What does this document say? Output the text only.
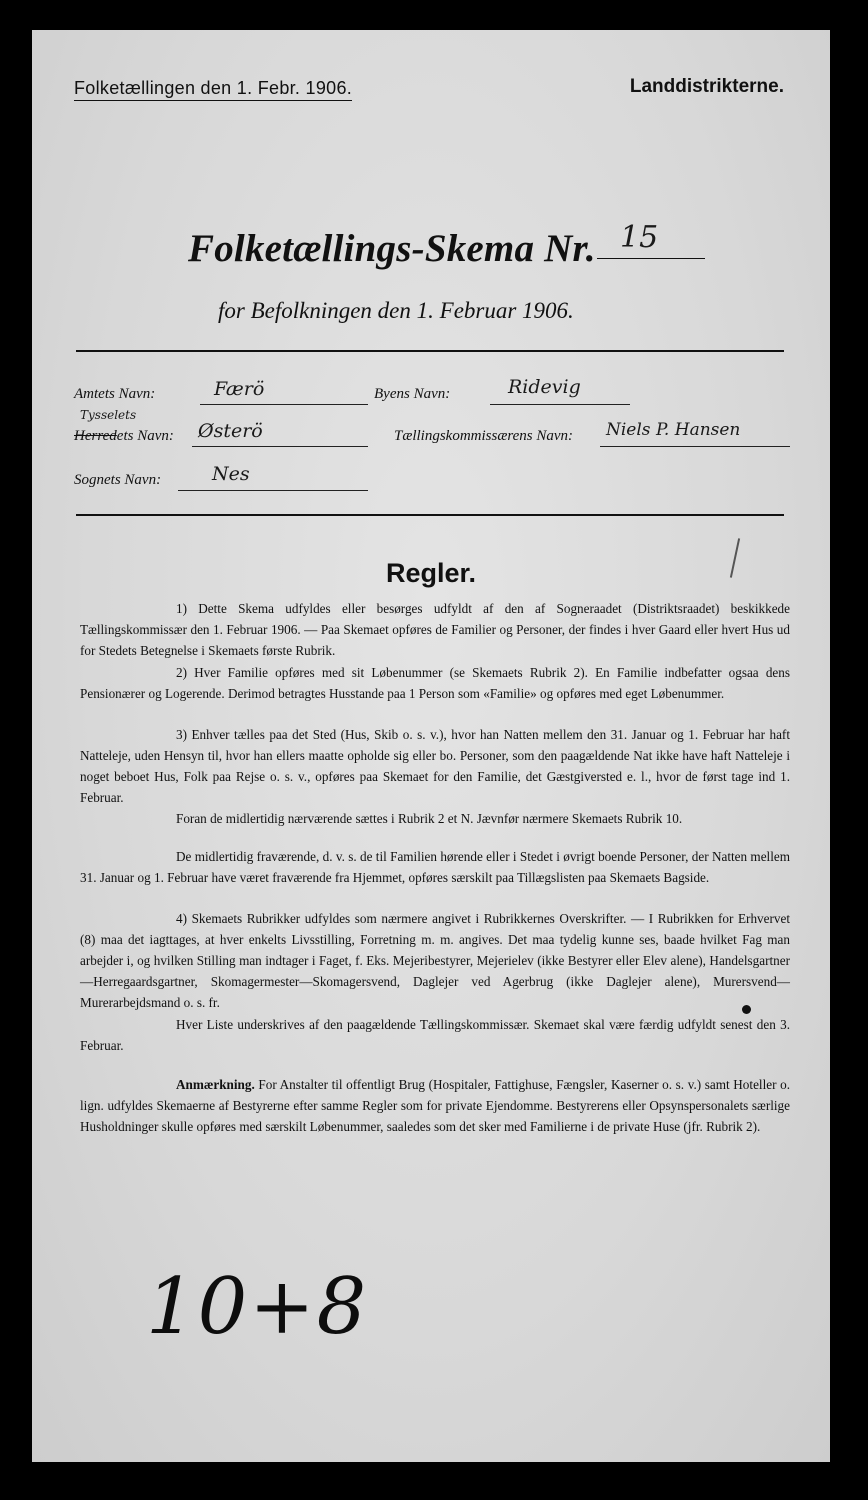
Folketællingen den 1. Febr. 1906.	Landdistrikterne.
Folketællings-Skema Nr. 15
for Befolkningen den 1. Februar 1906.
Amtets Navn:	Færö	Byens Navn:	Ridevig
Tysselets
Herredets Navn: Østerö	Tællingskommissærens Navn: Niels P. Hansen
Sognets Navn:	Nes
Regler.
1) Dette Skema udfyldes eller besørges udfyldt af den af Sogneraadet (Distriktsraadet) beskikkede Tællingskommissær den 1. Februar 1906. — Paa Skemaet opføres de Familier og Personer, der findes i hver Gaard eller hvert Hus ud for Stedets Betegnelse i Skemaets første Rubrik.
2) Hver Familie opføres med sit Løbenummer (se Skemaets Rubrik 2). En Familie indbefatter ogsaa dens Pensionærer og Logerende. Derimod betragtes Husstande paa 1 Person som «Familie» og opføres med eget Løbenummer.
3) Enhver tælles paa det Sted (Hus, Skib o. s. v.), hvor han Natten mellem den 31. Januar og 1. Februar har haft Natteleje, uden Hensyn til, hvor han ellers maatte opholde sig eller bo. Personer, som den paagældende Nat ikke have haft Natteleje i noget beboet Hus, Folk paa Rejse o. s. v., opføres paa Skemaet for den Familie, det Gæstgiversted e. l., hvor de først tage ind 1. Februar.
Foran de midlertidig nærværende sættes i Rubrik 2 et N. Jævnfør nærmere Skemaets Rubrik 10.
De midlertidig fraværende, d. v. s. de til Familien hørende eller i Stedet i øvrigt boende Personer, der Natten mellem 31. Januar og 1. Februar have været fraværende fra Hjemmet, opføres særskilt paa Tillægslisten paa Skemaets Bagside.
4) Skemaets Rubrikker udfyldes som nærmere angivet i Rubrikkernes Overskrifter. — I Rubrikken for Erhvervet (8) maa det iagttages, at hver enkelts Livsstilling, Forretning m. m. angives. Det maa tydelig kunne ses, baade hvilket Fag man arbejder i, og hvilken Stilling man indtager i Faget, f. Eks. Mejeribestyrer, Mejerielev (ikke Bestyrer eller Elev alene), Handelsgartner—Herregaardsgartner, Skomagermester—Skomagersvend, Daglejer ved Agerbrug (ikke Daglejer alene), Murersvend—Murerarbejdsmand o. s. fr.
Hver Liste underskrives af den paagældende Tællingskommissær. Skemaet skal være færdig udfyldt senest den 3. Februar.
Anmærkning. For Anstalter til offentligt Brug (Hospitaler, Fattighuse, Fængsler, Kaserner o. s. v.) samt Hoteller o. lign. udfyldes Skemaerne af Bestyrerne efter samme Regler som for private Ejendomme. Bestyrerens eller Opsynspersonalets særlige Husholdninger skulle opføres med særskilt Løbenummer, saaledes som det sker med Familierne i de private Huse (jfr. Rubrik 2).
10+8
